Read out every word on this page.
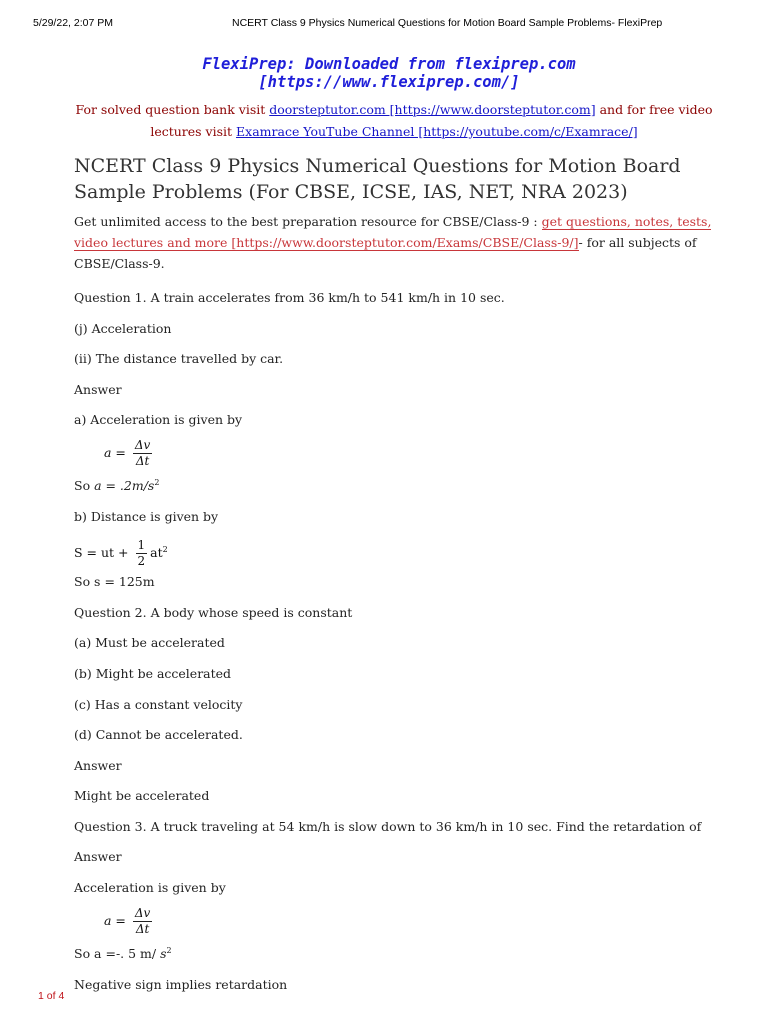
5/29/22, 2:07 PM	NCERT Class 9 Physics Numerical Questions for Motion Board Sample Problems- FlexiPrep
FlexiPrep: Downloaded from flexiprep.com [https://www.flexiprep.com/]
For solved question bank visit doorsteptutor.com [https://www.doorsteptutor.com] and for free video lectures visit Examrace YouTube Channel [https://youtube.com/c/Examrace/]
NCERT Class 9 Physics Numerical Questions for Motion Board Sample Problems (For CBSE, ICSE, IAS, NET, NRA 2023)
Get unlimited access to the best preparation resource for CBSE/Class-9 : get questions, notes, tests, video lectures and more [https://www.doorsteptutor.com/Exams/CBSE/Class-9/]- for all subjects of CBSE/Class-9.

Question 1. A train accelerates from 36 km/h to 541 km/h in 10 sec.

(j) Acceleration

(ii) The distance travelled by car.

Answer

a) Acceleration is given by

$a = \frac{\Delta v}{\Delta t}$

So $a = .2m/s^2$

b) Distance is given by

S = ut + $\frac{1}{2} at^2$

So s = 125m

Question 2. A body whose speed is constant

(a) Must be accelerated

(b) Might be accelerated

(c) Has a constant velocity

(d) Cannot be accelerated.

Answer

Might be accelerated

Question 3. A truck traveling at 54 km/h is slow down to 36 km/h in 10 sec. Find the retardation of

Answer

Acceleration is given by

$a = \frac{\Delta v}{\Delta t}$

So a =-. 5 m/ $s^2$

Negative sign implies retardation

1 of 4
